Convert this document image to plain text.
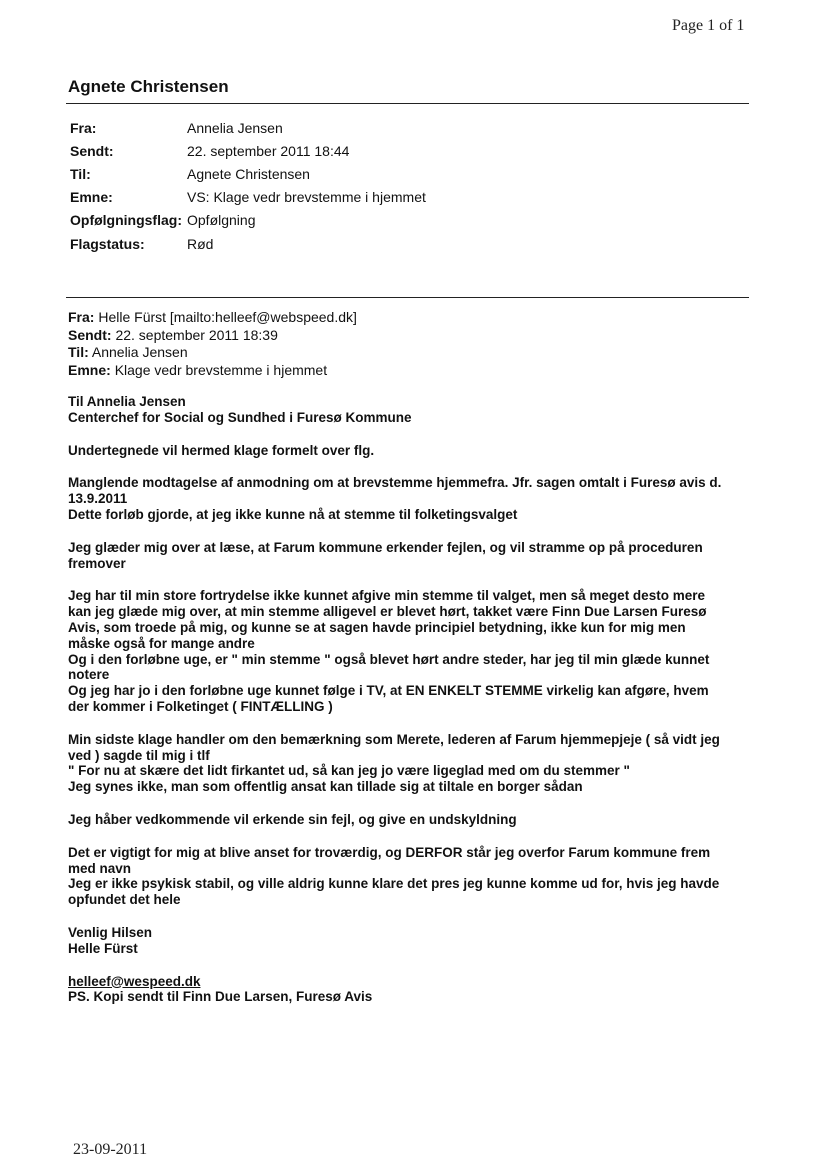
Page 1 of 1
Agnete Christensen
Fra:	Annelia Jensen
Sendt:	22. september 2011 18:44
Til:	Agnete Christensen
Emne:	VS: Klage vedr brevstemme i hjemmet
Opfølgningsflag: Opfølgning
Flagstatus:	Rød
Fra: Helle Fürst [mailto:helleef@webspeed.dk]
Sendt: 22. september 2011 18:39
Til: Annelia Jensen
Emne: Klage vedr brevstemme i hjemmet

Til Annelia Jensen

Centerchef for Social og Sundhed i Furesø Kommune

Undertegnede vil hermed klage formelt over flg.

Manglende modtagelse af anmodning om at brevstemme hjemmefra. Jfr. sagen omtalt i Furesø avis d.

13.9.2011

Dette forløb gjorde, at jeg ikke kunne nå at stemme til folketingsvalget

Jeg glæder mig over at læse, at Farum kommune erkender fejlen, og vil stramme op på proceduren

fremover

Jeg har til min store fortrydelse ikke kunnet afgive min stemme til valget, men så meget desto mere

kan jeg glæde mig over, at min stemme alligevel er blevet hørt, takket være Finn Due Larsen Furesø

Avis, som troede på mig, og kunne se at sagen havde principiel betydning, ikke kun for mig men

måske også for mange andre

Og i den forløbne uge, er " min stemme " også blevet hørt andre steder, har jeg til min glæde kunnet

notere

Og jeg har jo i den forløbne uge kunnet følge i TV, at EN ENKELT STEMME virkelig kan afgøre, hvem

der kommer i Folketinget ( FINTÆLLING )

Min sidste klage handler om den bemærkning som Merete, lederen af Farum hjemmepjeje ( så vidt jeg

ved ) sagde til mig i tlf

" For nu at skære det lidt firkantet ud, så kan jeg jo være ligeglad med om du stemmer "

Jeg synes ikke, man som offentlig ansat kan tillade sig at tiltale en borger sådan

Jeg håber vedkommende vil erkende sin fejl, og give en undskyldning

Det er vigtigt for mig at blive anset for troværdig, og DERFOR står jeg overfor Farum kommune frem

med navn

Jeg er ikke psykisk stabil, og ville aldrig kunne klare det pres jeg kunne komme ud for, hvis jeg havde

opfundet det hele

Venlig Hilsen

Helle Fürst

helleef@wespeed.dk

PS. Kopi sendt til Finn Due Larsen, Furesø Avis

23-09-2011
